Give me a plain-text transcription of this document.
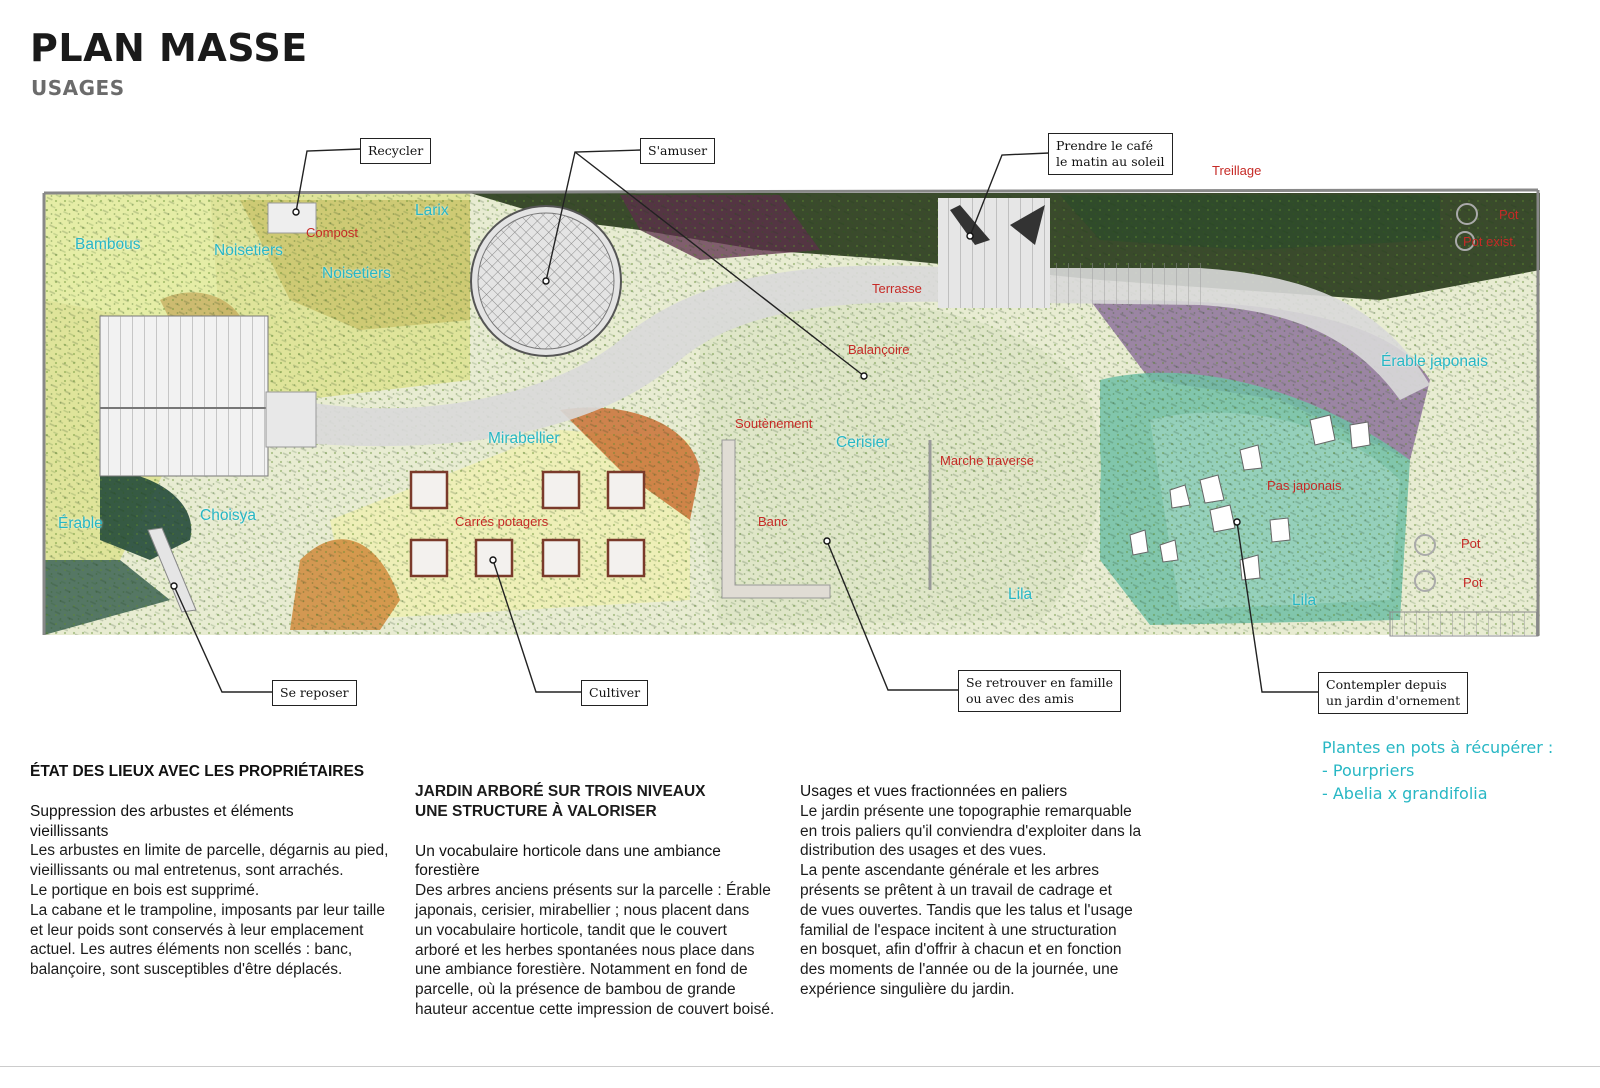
PLAN MASSE
USAGES
Recycler	S'amuser	Prendre le café
le matin au soleil
Se reposer	Cultiver
Se retrouver en famille
ou avec des amis
Contempler depuis
un jardin d'ornement
Compost
Treillage
Terrasse
Balançoire
Soutènement
Marche traverse
Carrés potagers	Banc
Pas japonais
Pot
Pot exist.
Pot
Pot
Bambous	Noisetiers
Noisetiers
Larix
Mirabellier	Cerisier
Érable japonais
Érable	Choisya
Lila	Lila
ÉTAT DES LIEUX AVEC LES PROPRIÉTAIRES
Suppression des arbustes et éléments
vieillissants

Les arbustes en limite de parcelle, dégarnis au pied,

vieillissants ou mal entretenus, sont arrachés.

Le portique en bois est supprimé.

La cabane et le trampoline, imposants par leur taille

et leur poids sont conservés à leur emplacement

actuel. Les autres éléments non scellés : banc,

balançoire, sont susceptibles d'être déplacés.

JARDIN ARBORÉ SUR TROIS NIVEAUX
UNE STRUCTURE À VALORISER
Un vocabulaire horticole dans une ambiance
forestière

Des arbres anciens présents sur la parcelle : Érable

japonais, cerisier, mirabellier ; nous placent dans

un vocabulaire horticole, tandit que le couvert

arboré et les herbes spontanées nous place dans

une ambiance forestière. Notamment en fond de

parcelle, où la présence de bambou de grande

hauteur accentue cette impression de couvert boisé.

Usages et vues fractionnées en paliers

Le jardin présente une topographie remarquable

en trois paliers qu'il conviendra d'exploiter dans la

distribution des usages et des vues.

La pente ascendante générale et les arbres

présents se prêtent à un travail de cadrage et

de vues ouvertes. Tandis que les talus et l'usage

familial de l'espace incitent à une structuration

en bosquet, afin d'offrir à chacun et en fonction

des moments de l'année ou de la journée, une

expérience singulière du jardin.

Plantes en pots à récupérer :
- Pourpriers
- Abelia x grandifolia
